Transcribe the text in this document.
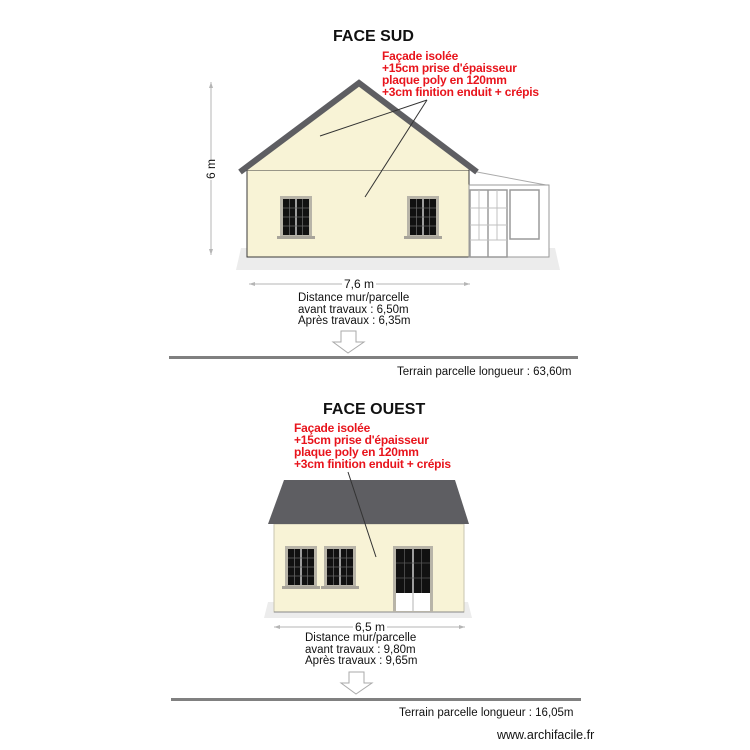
FACE SUD
Façade isolée
+15cm prise d'épaisseur
plaque poly en 120mm
+3cm finition enduit + crépis
6 m
7,6 m
Distance mur/parcelle
avant travaux : 6,50m
Après travaux : 6,35m
Terrain parcelle longueur : 63,60m
FACE OUEST
Façade isolée
+15cm prise d'épaisseur
plaque poly en 120mm
+3cm finition enduit + crépis
6,5 m
Distance mur/parcelle
avant travaux : 9,80m
Après travaux : 9,65m
Terrain parcelle longueur : 16,05m
www.archifacile.fr
